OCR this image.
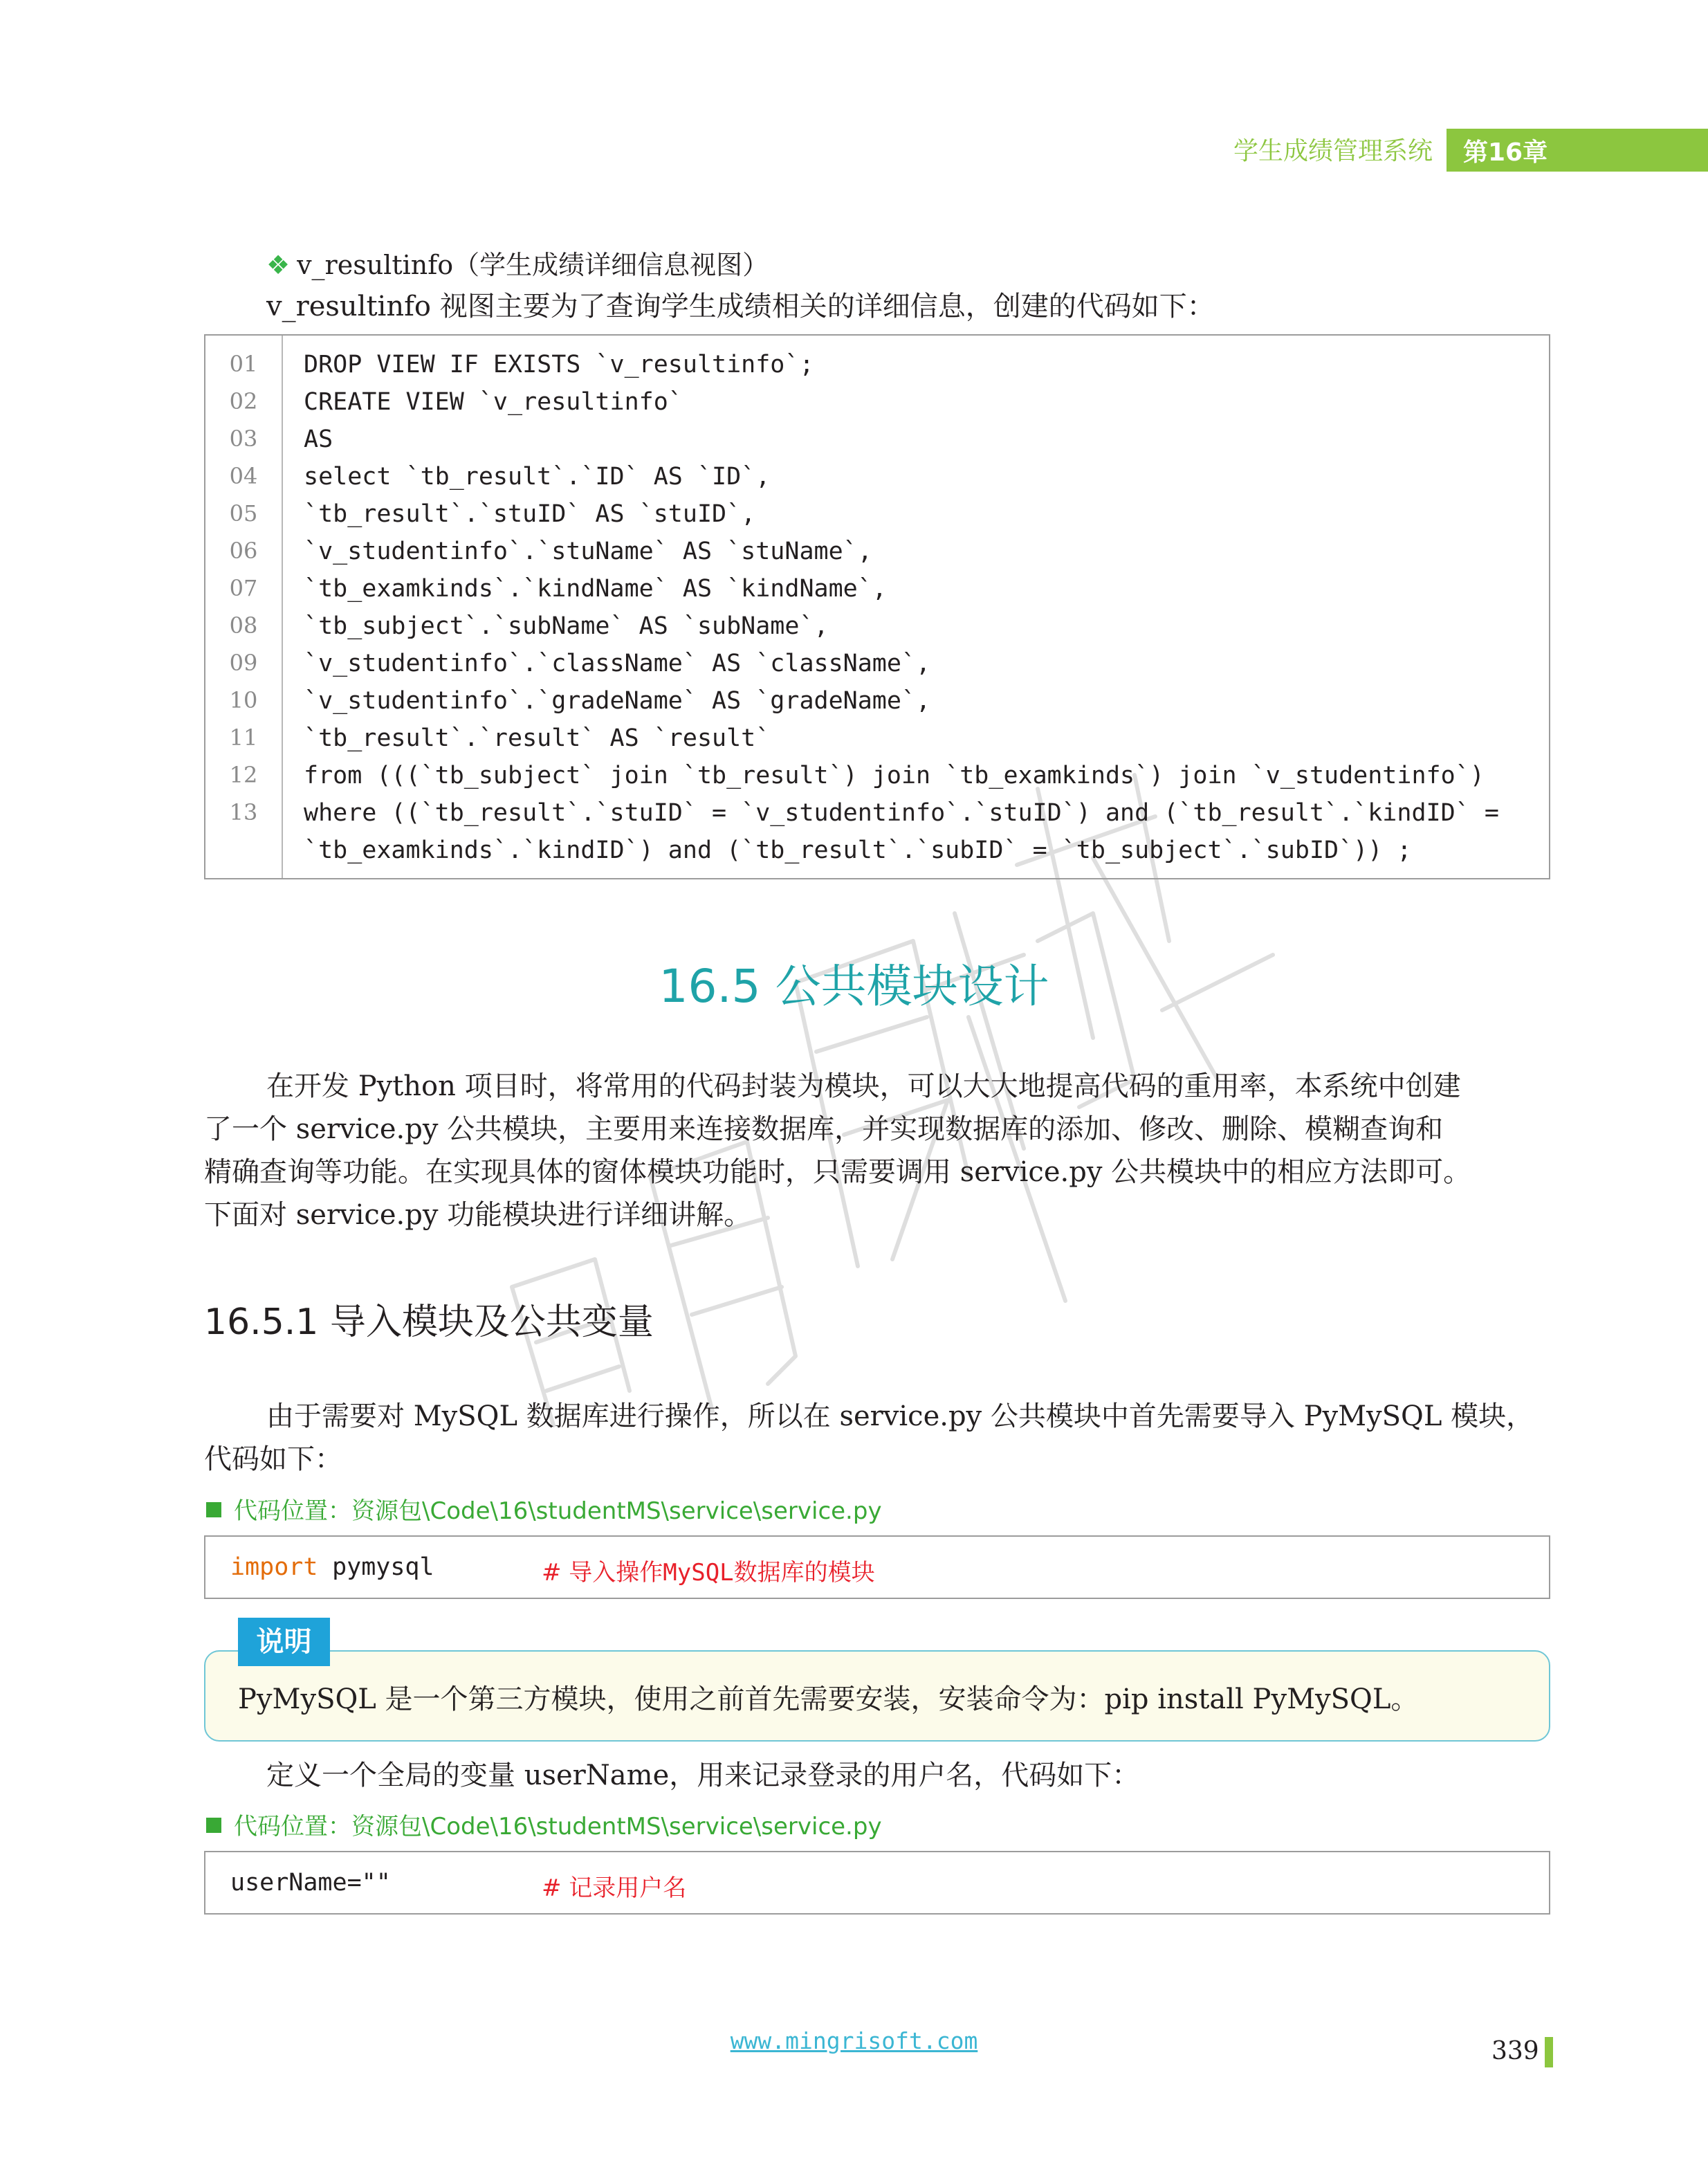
学生成绩管理系统 第16章
❖ v_resultinfo（学生成绩详细信息视图）
v_resultinfo 视图主要为了查询学生成绩相关的详细信息，创建的代码如下：
01
02
03
04
05
06
07
08
09
10
11
12
13
DROP VIEW IF EXISTS `v_resultinfo`;
CREATE VIEW `v_resultinfo`
AS
select `tb_result`.`ID` AS `ID`,
`tb_result`.`stuID` AS `stuID`,
`v_studentinfo`.`stuName` AS `stuName`,
`tb_examkinds`.`kindName` AS `kindName`,
`tb_subject`.`subName` AS `subName`,
`v_studentinfo`.`className` AS `className`,
`v_studentinfo`.`gradeName` AS `gradeName`,
`tb_result`.`result` AS `result`
from (((`tb_subject` join `tb_result`) join `tb_examkinds`) join `v_studentinfo`)
where ((`tb_result`.`stuID` = `v_studentinfo`.`stuID`) and (`tb_result`.`kindID` =
`tb_examkinds`.`kindID`) and (`tb_result`.`subID` = `tb_subject`.`subID`)) ;
16.5 公共模块设计
在开发 Python 项目时，将常用的代码封装为模块，可以大大地提高代码的重用率，本系统中创建
了一个 service.py 公共模块，主要用来连接数据库，并实现数据库的添加、修改、删除、模糊查询和
精确查询等功能。在实现具体的窗体模块功能时，只需要调用 service.py 公共模块中的相应方法即可。
下面对 service.py 功能模块进行详细讲解。
16.5.1 导入模块及公共变量
由于需要对 MySQL 数据库进行操作，所以在 service.py 公共模块中首先需要导入 PyMySQL 模块，
代码如下：
代码位置：资源包\Code\16\studentMS\service\service.py
import pymysql	# 导入操作MySQL数据库的模块
说明
PyMySQL 是一个第三方模块，使用之前首先需要安装，安装命令为：pip install PyMySQL。
定义一个全局的变量 userName，用来记录登录的用户名，代码如下：
代码位置：资源包\Code\16\studentMS\service\service.py
userName=""	# 记录用户名
www.mingrisoft.com	339
